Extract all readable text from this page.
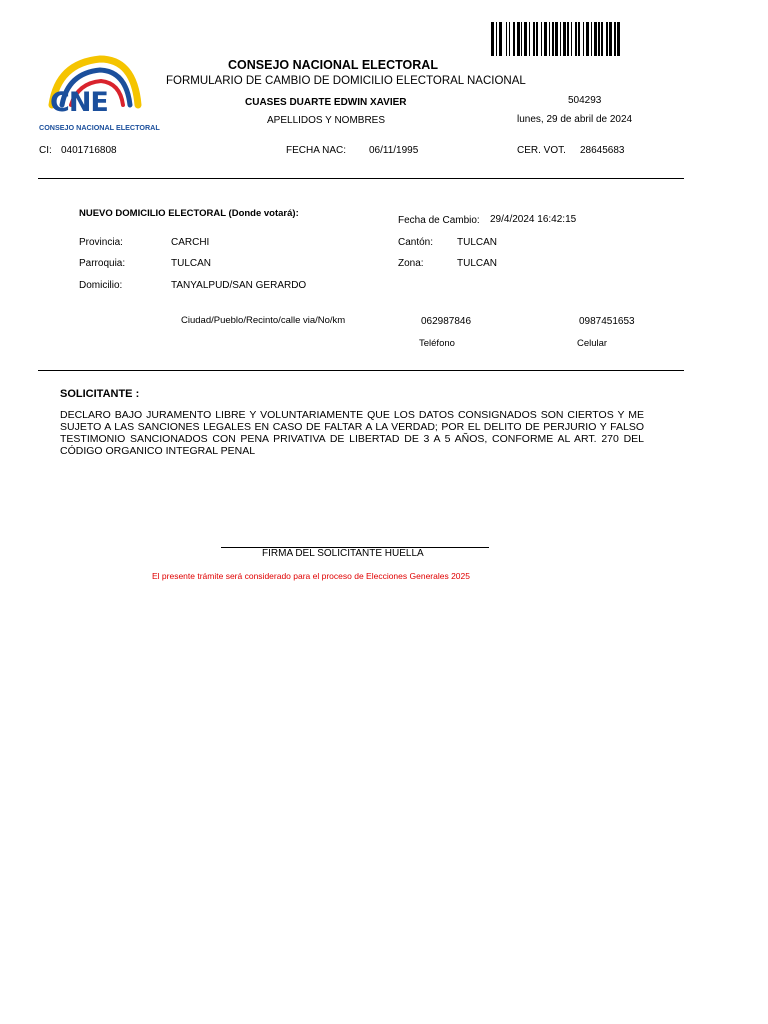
CNE
CONSEJO NACIONAL ELECTORAL
CONSEJO NACIONAL ELECTORAL
FORMULARIO DE CAMBIO DE DOMICILIO ELECTORAL NACIONAL
CUASES DUARTE EDWIN XAVIER
APELLIDOS Y NOMBRES
504293
lunes, 29 de abril de 2024
CI: 0401716808	FECHA NAC: 06/11/1995	CER. VOT. 28645683
NUEVO DOMICILIO ELECTORAL (Donde votará):
Fecha de Cambio: 29/4/2024 16:42:15
Provincia:	CARCHI	Cantón: TULCAN
Parroquia:	TULCAN	Zona:	TULCAN
Domicilio:	TANYALPUD/SAN GERARDO
Ciudad/Pueblo/Recinto/calle via/No/km	062987846	0987451653
Teléfono	Celular
SOLICITANTE :
DECLARO BAJO JURAMENTO LIBRE Y VOLUNTARIAMENTE QUE LOS DATOS CONSIGNADOS SON CIERTOS Y ME SUJETO A LAS SANCIONES LEGALES EN CASO DE FALTAR A LA VERDAD; POR EL DELITO DE PERJURIO Y FALSO TESTIMONIO SANCIONADOS CON PENA PRIVATIVA DE LIBERTAD DE 3 A 5 AÑOS, CONFORME AL ART. 270 DEL CÓDIGO ORGANICO INTEGRAL PENAL
FIRMA DEL SOLICITANTE HUELLA
El presente trámite será considerado para el proceso de Elecciones Generales 2025
